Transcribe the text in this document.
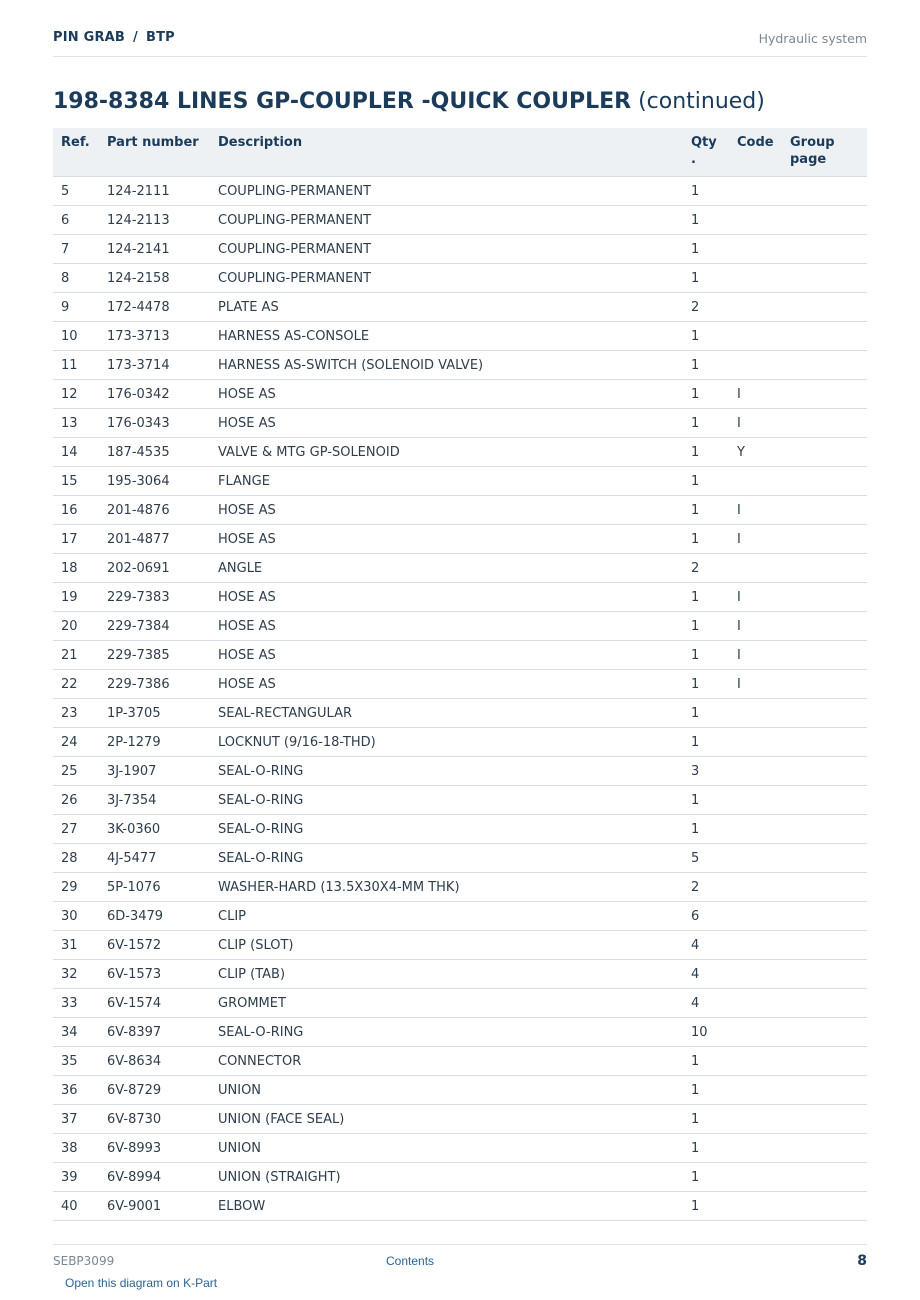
PIN GRAB / BTP	Hydraulic system
198-8384 LINES GP-COUPLER -QUICK COUPLER (continued)
Ref.	Part number	Description	Qty .	Code	Group page
5	124-2111	COUPLING-PERMANENT	1		
6	124-2113	COUPLING-PERMANENT	1		
7	124-2141	COUPLING-PERMANENT	1		
8	124-2158	COUPLING-PERMANENT	1		
9	172-4478	PLATE AS	2		
10	173-3713	HARNESS AS-CONSOLE	1		
11	173-3714	HARNESS AS-SWITCH (SOLENOID VALVE)	1		
12	176-0342	HOSE AS	1	I	
13	176-0343	HOSE AS	1	I	
14	187-4535	VALVE & MTG GP-SOLENOID	1	Y	
15	195-3064	FLANGE	1		
16	201-4876	HOSE AS	1	I	
17	201-4877	HOSE AS	1	I	
18	202-0691	ANGLE	2		
19	229-7383	HOSE AS	1	I	
20	229-7384	HOSE AS	1	I	
21	229-7385	HOSE AS	1	I	
22	229-7386	HOSE AS	1	I	
23	1P-3705	SEAL-RECTANGULAR	1		
24	2P-1279	LOCKNUT (9/16-18-THD)	1		
25	3J-1907	SEAL-O-RING	3		
26	3J-7354	SEAL-O-RING	1		
27	3K-0360	SEAL-O-RING	1		
28	4J-5477	SEAL-O-RING	5		
29	5P-1076	WASHER-HARD (13.5X30X4-MM THK)	2		
30	6D-3479	CLIP	6		
31	6V-1572	CLIP (SLOT)	4		
32	6V-1573	CLIP (TAB)	4		
33	6V-1574	GROMMET	4		
34	6V-8397	SEAL-O-RING	10		
35	6V-8634	CONNECTOR	1		
36	6V-8729	UNION	1		
37	6V-8730	UNION (FACE SEAL)	1		
38	6V-8993	UNION	1		
39	6V-8994	UNION (STRAIGHT)	1		
40	6V-9001	ELBOW	1		
SEBP3099	Contents	8
Open this diagram on K-Part
